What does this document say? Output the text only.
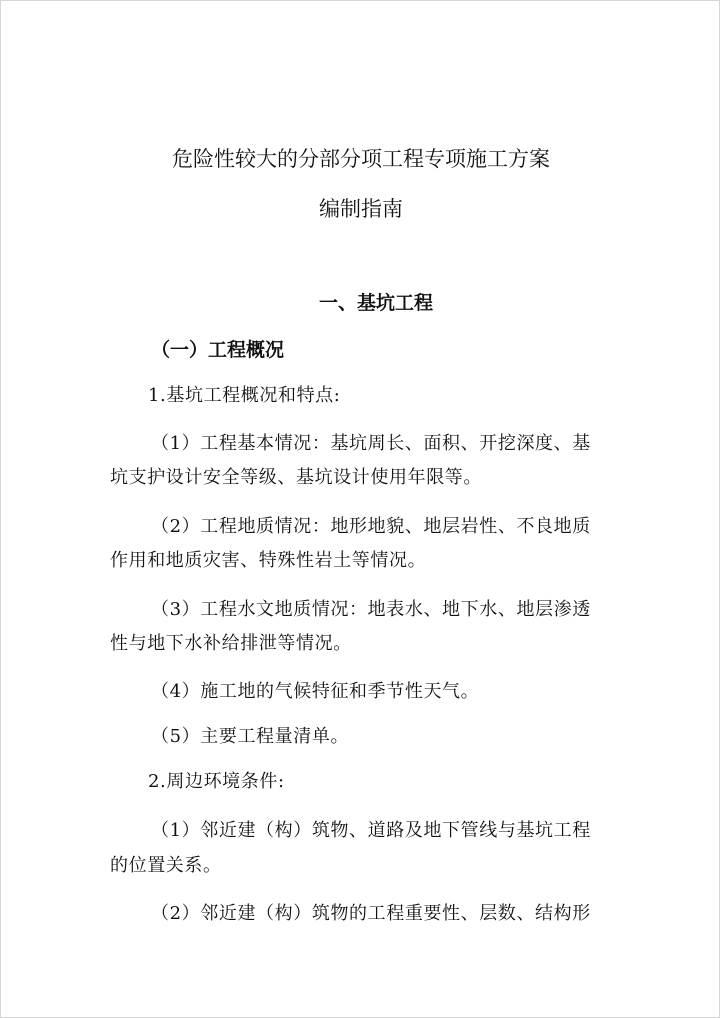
危险性较大的分部分项工程专项施工方案

编制指南

一、基坑工程

（一）工程概况

1.基坑工程概况和特点:

（1）工程基本情况：基坑周长、面积、开挖深度、基

坑支护设计安全等级、基坑设计使用年限等。

（2）工程地质情况：地形地貌、地层岩性、不良地质

作用和地质灾害、特殊性岩土等情况。

（3）工程水文地质情况：地表水、地下水、地层渗透

性与地下水补给排泄等情况。

（4）施工地的气候特征和季节性天气。

（5）主要工程量清单。

2.周边环境条件:

（1）邻近建（构）筑物、道路及地下管线与基坑工程

的位置关系。

（2）邻近建（构）筑物的工程重要性、层数、结构形
